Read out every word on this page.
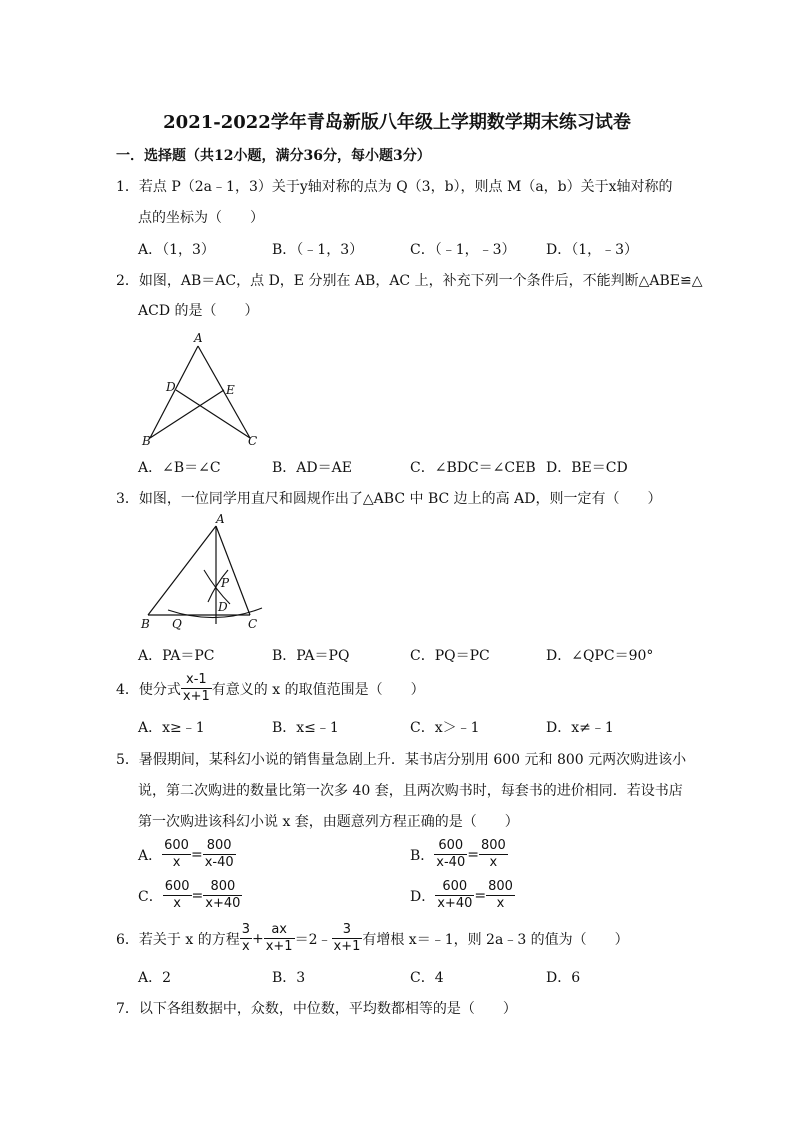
2021-2022学年青岛新版八年级上学期数学期末练习试卷
一．选择题（共12小题，满分36分，每小题3分）
1．若点 P（2a﹣1，3）关于y轴对称的点为 Q（3，b），则点 M（a，b）关于x轴对称的
点的坐标为（　　）
A．（1，3）	B．（﹣1，3）	C．（﹣1，﹣3） D．（1，﹣3）
2．如图，AB＝AC，点 D，E 分别在 AB，AC 上，补充下列一个条件后，不能判断△ABE≌△
ACD 的是（　　）
A
D	E
B	C
A．∠B＝∠C	B．AD＝AE	C．∠BDC＝∠CEB D．BE＝CD
3．如图，一位同学用直尺和圆规作出了△ABC 中 BC 边上的高 AD，则一定有（　　）
A
P
D
B Q	C
A．PA＝PC	B．PA＝PQ	C．PQ＝PC	D．∠QPC＝90°
4．使分式 $\frac{x-1}{x+1}$ 有意义的 x 的取值范围是（　　）
A．x≥﹣1	B．x≤﹣1	C．x＞﹣1	D．x≠﹣1
5．暑假期间，某科幻小说的销售量急剧上升．某书店分别用 600 元和 800 元两次购进该小
说，第二次购进的数量比第一次多 40 套，且两次购书时，每套书的进价相同．若设书店
第一次购进该科幻小说 x 套，由题意列方程正确的是（　　）
A． $\frac{600}{x} = \frac{800}{x-40}$	B． $\frac{600}{x-40} = \frac{800}{x}$
C． $\frac{600}{x} = \frac{800}{x+40}$	D． $\frac{600}{x+40} = \frac{800}{x}$
6．若关于 x 的方程 $\frac{3}{x} + \frac{ax}{x+1}$ ＝2﹣ $\frac{3}{x+1}$ 有增根 x＝﹣1，则 2a﹣3 的值为（　　）
A．2	B．3	C．4	D．6
7．以下各组数据中，众数，中位数，平均数都相等的是（　　）
